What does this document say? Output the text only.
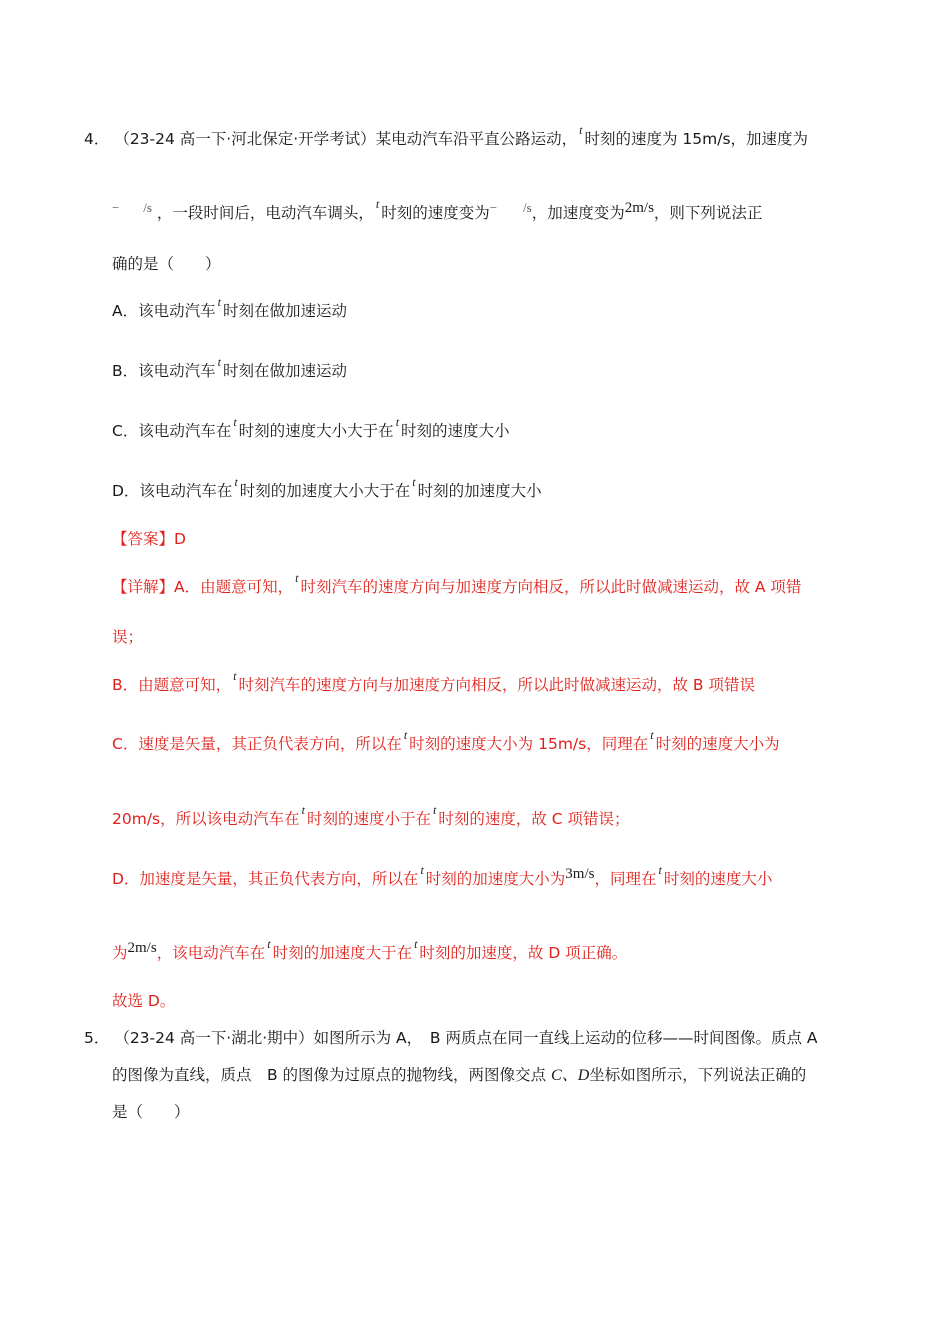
4． （23-24 高一下·河北保定·开学考试）某电动汽车沿平直公路运动， $^t$ 时刻的速度为 15m/s，加速度为
− $^{/s}$ ，一段时间后，电动汽车调头， $^t$ 时刻的速度变为− $^{/s}$，加速度变为2m/s，则下列说法正
确的是（　　）
A．该电动汽车 $^t$ 时刻在做加速运动
B．该电动汽车 $^t$ 时刻在做加速运动
C．该电动汽车在 $^t$ 时刻的速度大小大于在 $^t$ 时刻的速度大小
D．该电动汽车在 $^t$ 时刻的加速度大小大于在 $^t$ 时刻的加速度大小
【答案】D
【详解】A．由题意可知， $^t$ 时刻汽车的速度方向与加速度方向相反，所以此时做减速运动，故 A 项错
误；
B．由题意可知， $^t$ 时刻汽车的速度方向与加速度方向相反，所以此时做减速运动，故 B 项错误
C．速度是矢量，其正负代表方向，所以在 $^t$ 时刻的速度大小为 15m/s，同理在 $^t$ 时刻的速度大小为
20m/s，所以该电动汽车在 $^t$ 时刻的速度小于在 $^t$ 时刻的速度，故 C 项错误；
D．加速度是矢量，其正负代表方向，所以在 $^t$ 时刻的加速度大小为3m/s，同理在 $^t$ 时刻的速度大小
为2m/s，该电动汽车在 $^t$ 时刻的加速度大于在 $^t$ 时刻的加速度，故 D 项正确。
故选 D。
5． （23-24 高一下·湖北·期中）如图所示为 A，　B 两质点在同一直线上运动的位移——时间图像。质点 A
的图像为直线，质点　B 的图像为过原点的抛物线，两图像交点 C、D坐标如图所示，下列说法正确的
是（　　）
